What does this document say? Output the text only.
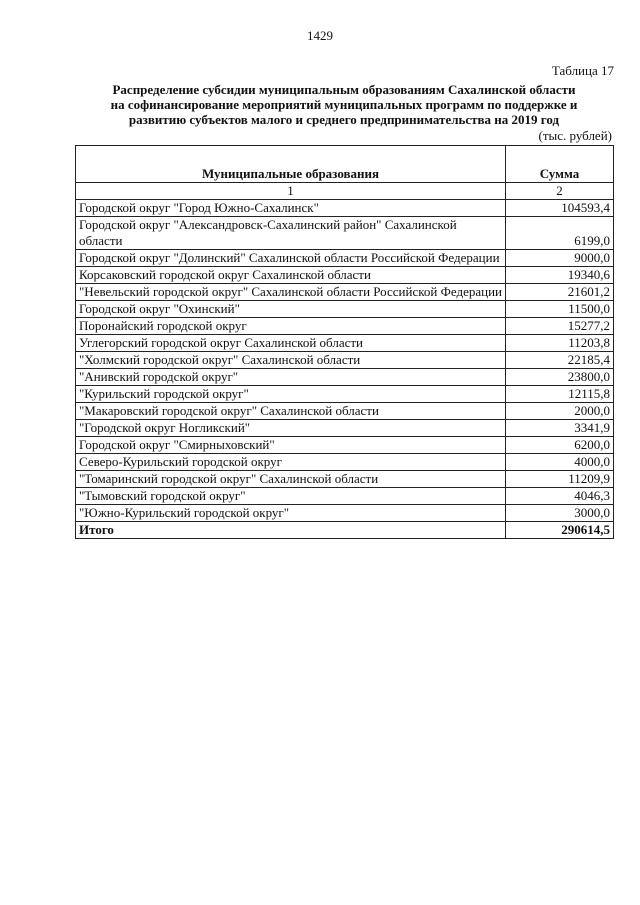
1429
Таблица 17
Распределение субсидии муниципальным образованиям Сахалинской области
на софинансирование мероприятий муниципальных программ по поддержке и
развитию субъектов малого и среднего предпринимательства на 2019 год
(тыс. рублей)
Муниципальные образования	Сумма
1	2
Городской округ "Город Южно-Сахалинск"	104593,4
Городской округ "Александровск-Сахалинский район" Сахалинской области	6199,0
Городской округ "Долинский" Сахалинской области Российской Федерации	9000,0
Корсаковский городской округ Сахалинской области	19340,6
"Невельский городской округ" Сахалинской области Российской Федерации	21601,2
Городской округ "Охинский"	11500,0
Поронайский городской округ	15277,2
Углегорский городской округ Сахалинской области	11203,8
"Холмский городской округ" Сахалинской области	22185,4
"Анивский городской округ"	23800,0
"Курильский городской округ"	12115,8
"Макаровский городской округ" Сахалинской области	2000,0
"Городской округ Ногликский"	3341,9
Городской округ "Смирныховский"	6200,0
Северо-Курильский городской округ	4000,0
"Томаринский городской округ" Сахалинской области	11209,9
"Тымовский городской округ"	4046,3
"Южно-Курильский городской округ"	3000,0
Итого	290614,5
